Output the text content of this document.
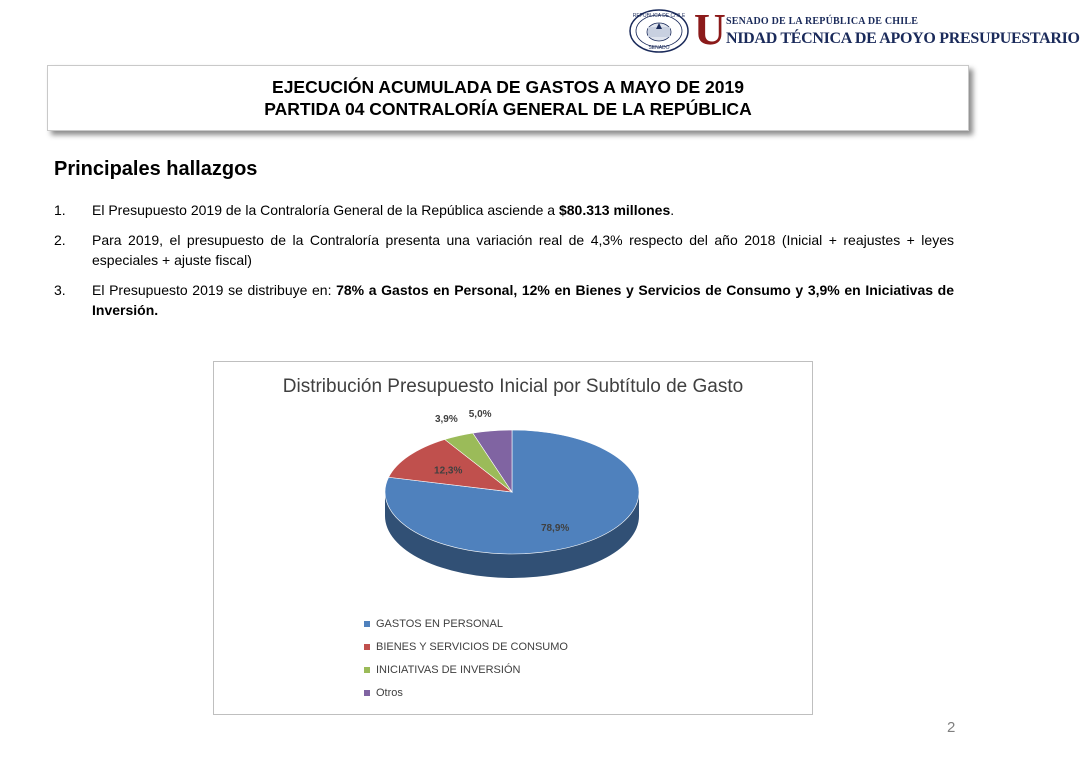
REPÚBLICA DE CHILE
SENADO U SENADO DE LA REPÚBLICA DE CHILE
NIDAD TÉCNICA DE APOYO PRESUPUESTARIO
EJECUCIÓN ACUMULADA DE GASTOS A MAYO DE 2019
PARTIDA 04 CONTRALORÍA GENERAL DE LA REPÚBLICA
Principales hallazgos
1.	El Presupuesto 2019 de la Contraloría General de la República asciende a $80.313 millones.
2.	Para 2019, el presupuesto de la Contraloría presenta una variación real de 4,3% respecto del año 2018 (Inicial + reajustes + leyes especiales + ajuste fiscal)
3.	El Presupuesto 2019 se distribuye en: 78% a Gastos en Personal, 12% en Bienes y Servicios de Consumo y 3,9% en Iniciativas de Inversión.
Distribución Presupuesto Inicial por Subtítulo de Gasto
78,9%
12,3%
3,9% 5,0%
GASTOS EN PERSONAL
BIENES Y SERVICIOS DE CONSUMO
INICIATIVAS DE INVERSIÓN
Otros
2
